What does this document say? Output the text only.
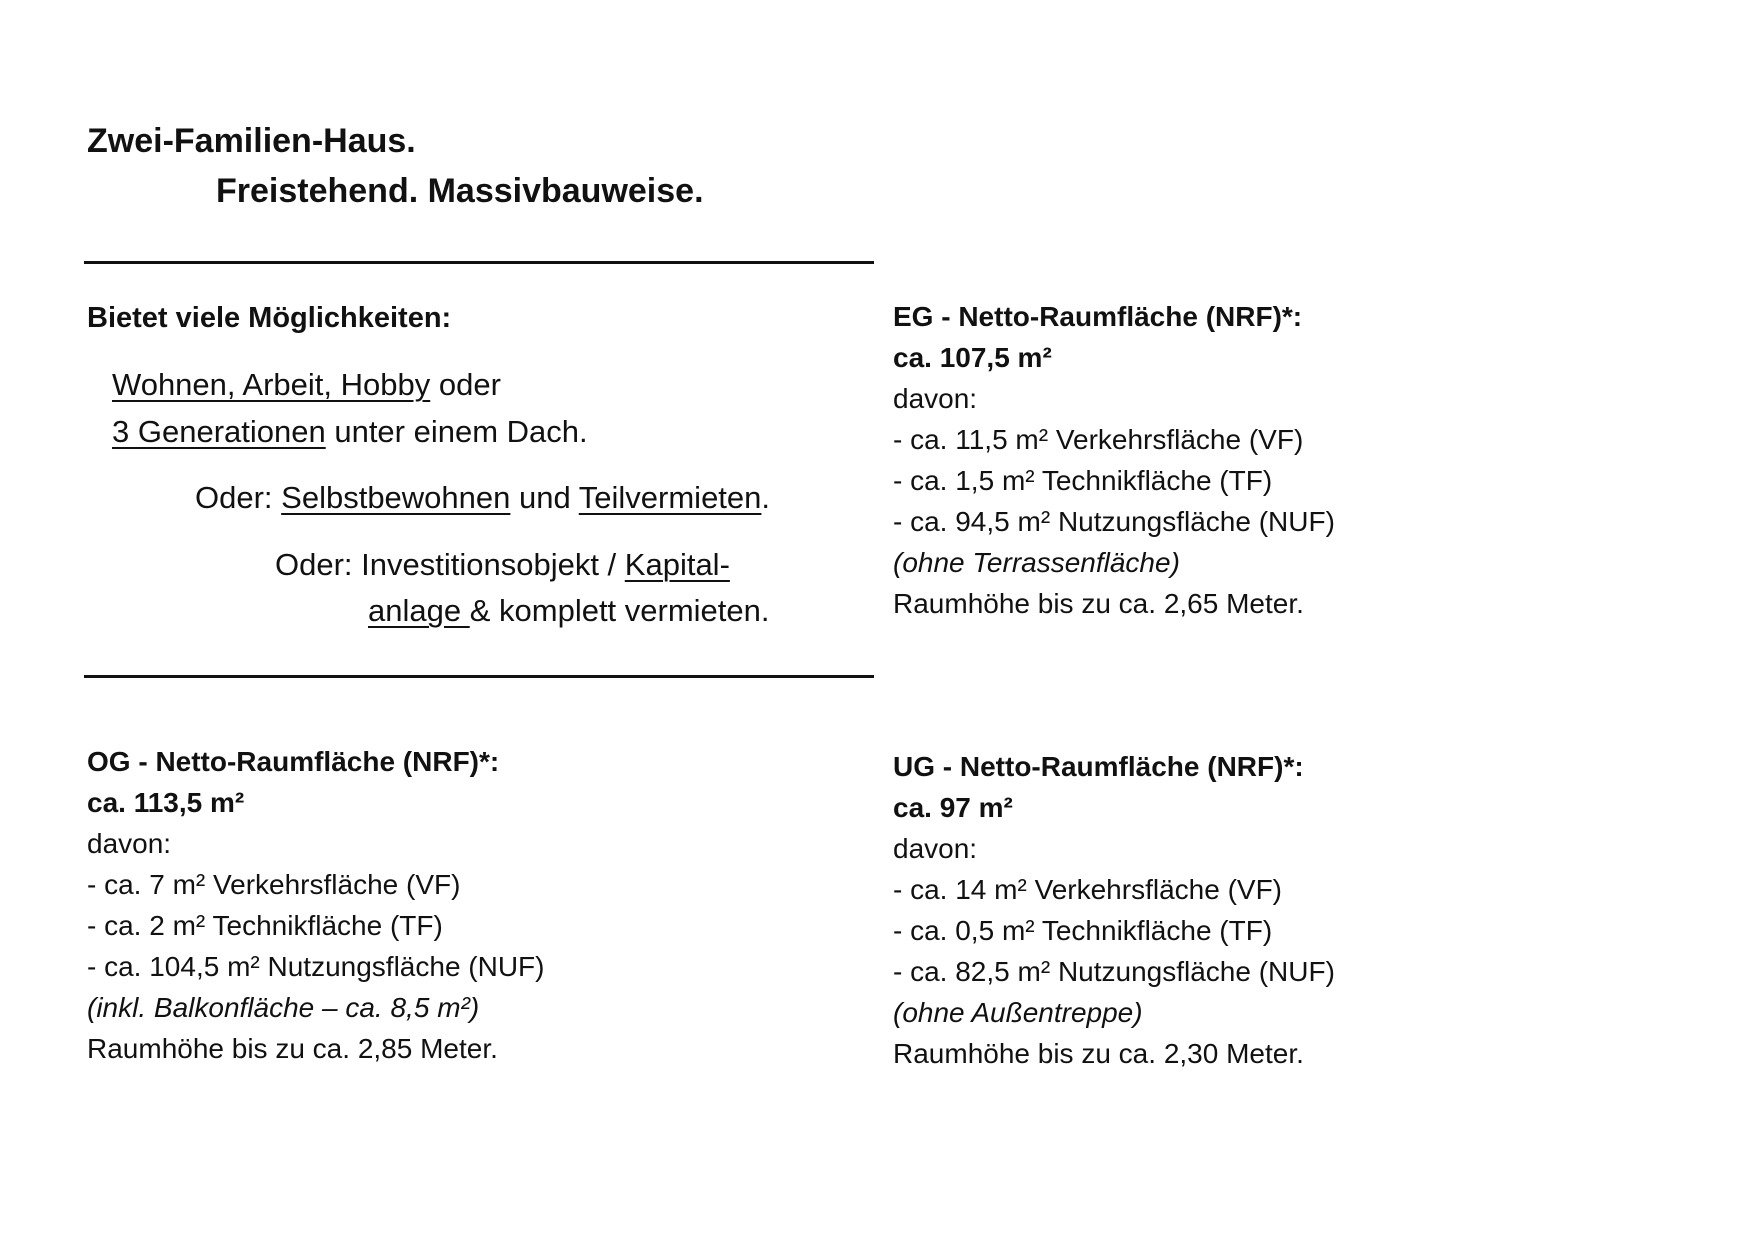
Zwei-Familien-Haus.
Freistehend. Massivbauweise.
Bietet viele Möglichkeiten:
Wohnen, Arbeit, Hobby oder
3 Generationen unter einem Dach.
Oder: Selbstbewohnen und Teilvermieten.
Oder: Investitionsobjekt / Kapital-
anlage & komplett vermieten.
EG - Netto-Raumfläche (NRF)*:
ca. 107,5 m²
davon:
- ca. 11,5 m² Verkehrsfläche (VF)
- ca. 1,5 m² Technikfläche (TF)
- ca. 94,5 m² Nutzungsfläche (NUF)
(ohne Terrassenfläche)
Raumhöhe bis zu ca. 2,65 Meter.
OG - Netto-Raumfläche (NRF)*:
ca. 113,5 m²
davon:
- ca. 7 m² Verkehrsfläche (VF)
- ca. 2 m² Technikfläche (TF)
- ca. 104,5 m² Nutzungsfläche (NUF)
(inkl. Balkonfläche – ca. 8,5 m²)
Raumhöhe bis zu ca. 2,85 Meter.
UG - Netto-Raumfläche (NRF)*:
ca. 97 m²
davon:
- ca. 14 m² Verkehrsfläche (VF)
- ca. 0,5 m² Technikfläche (TF)
- ca. 82,5 m² Nutzungsfläche (NUF)
(ohne Außentreppe)
Raumhöhe bis zu ca. 2,30 Meter.
